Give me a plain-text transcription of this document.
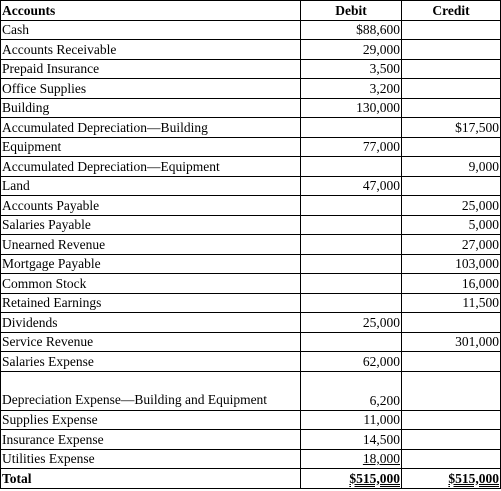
Accounts	Debit	Credit
Cash	$88,600	
Accounts Receivable	29,000	
Prepaid Insurance	3,500	
Office Supplies	3,200	
Building	130,000	
Accumulated Depreciation—Building		$17,500
Equipment	77,000	
Accumulated Depreciation—Equipment		9,000
Land	47,000	
Accounts Payable		25,000
Salaries Payable		5,000
Unearned Revenue		27,000
Mortgage Payable		103,000
Common Stock		16,000
Retained Earnings		11,500
Dividends	25,000	
Service Revenue		301,000
Salaries Expense	62,000	
Depreciation Expense—Building and Equipment	6,200	
Supplies Expense	11,000	
Insurance Expense	14,500	
Utilities Expense	18,000	
Total	$515,000	$515,000
